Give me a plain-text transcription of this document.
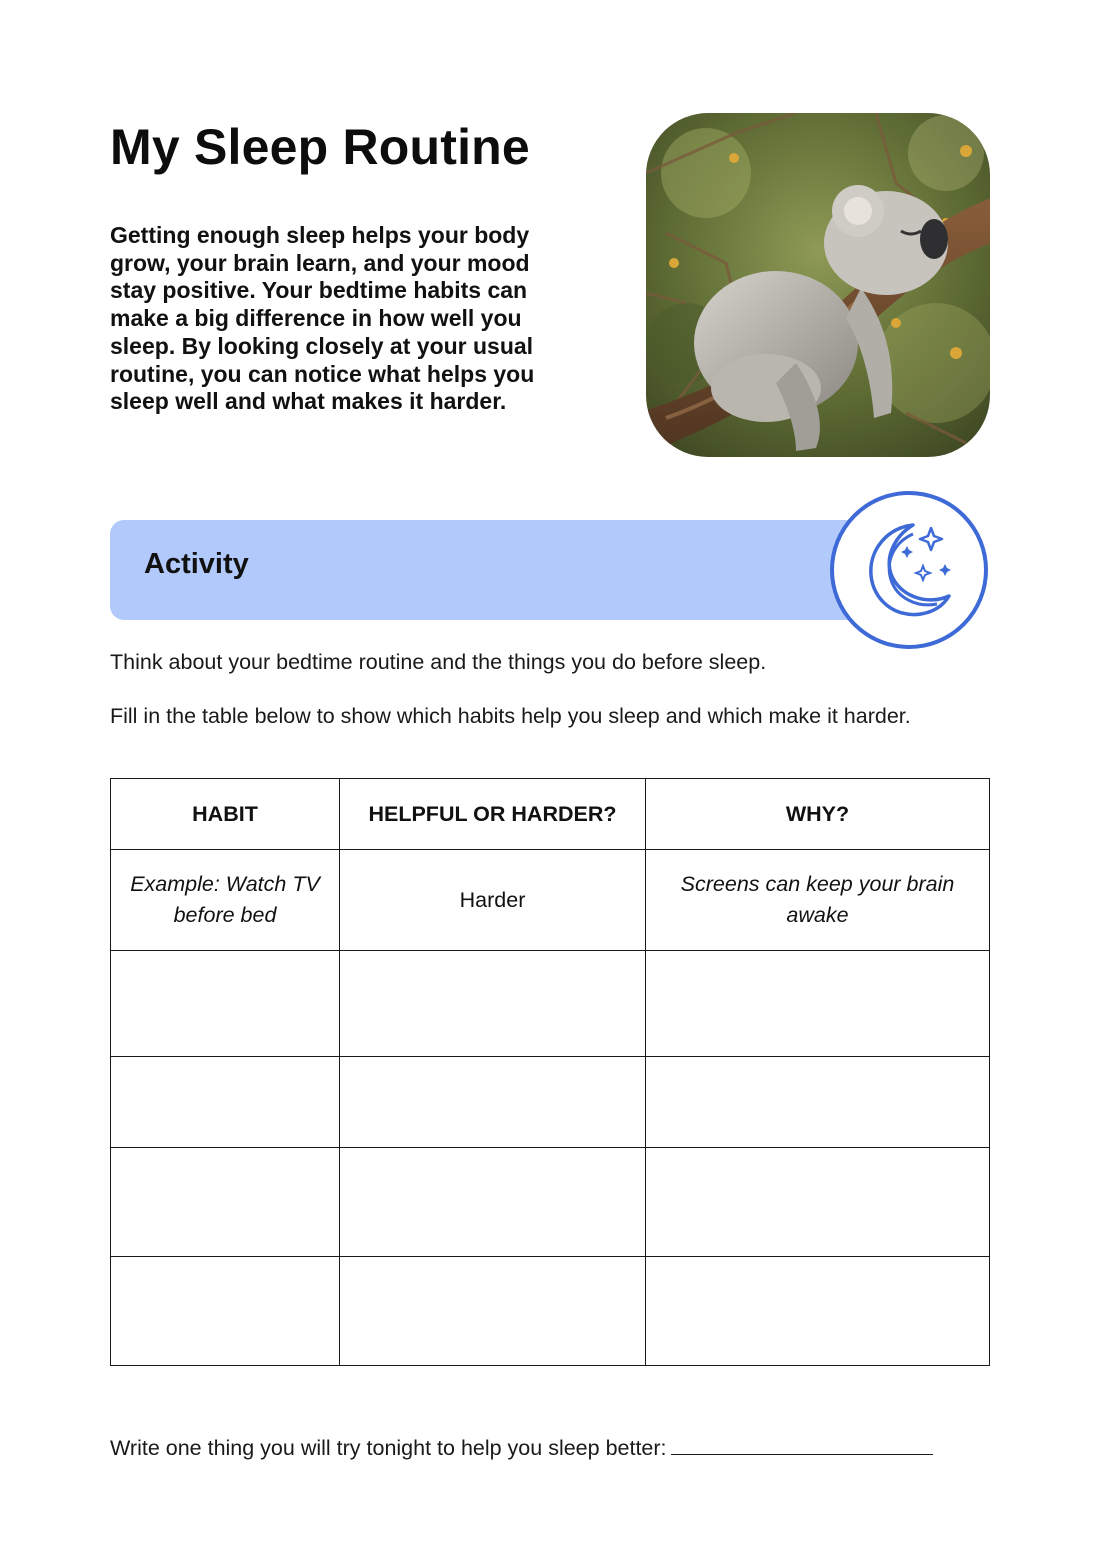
My Sleep Routine

Getting enough sleep helps your body grow, your brain learn, and your mood stay positive. Your bedtime habits can make a big difference in how well you sleep. By looking closely at your usual routine, you can notice what helps you sleep well and what makes it harder.

Activity

Think about your bedtime routine and the things you do before sleep.

Fill in the table below to show which habits help you sleep and which make it harder.

HABIT	HELPFUL OR HARDER?	WHY?
Example: Watch TV before bed	Harder	Screens can keep your brain awake

Write one thing you will try tonight to help you sleep better:
